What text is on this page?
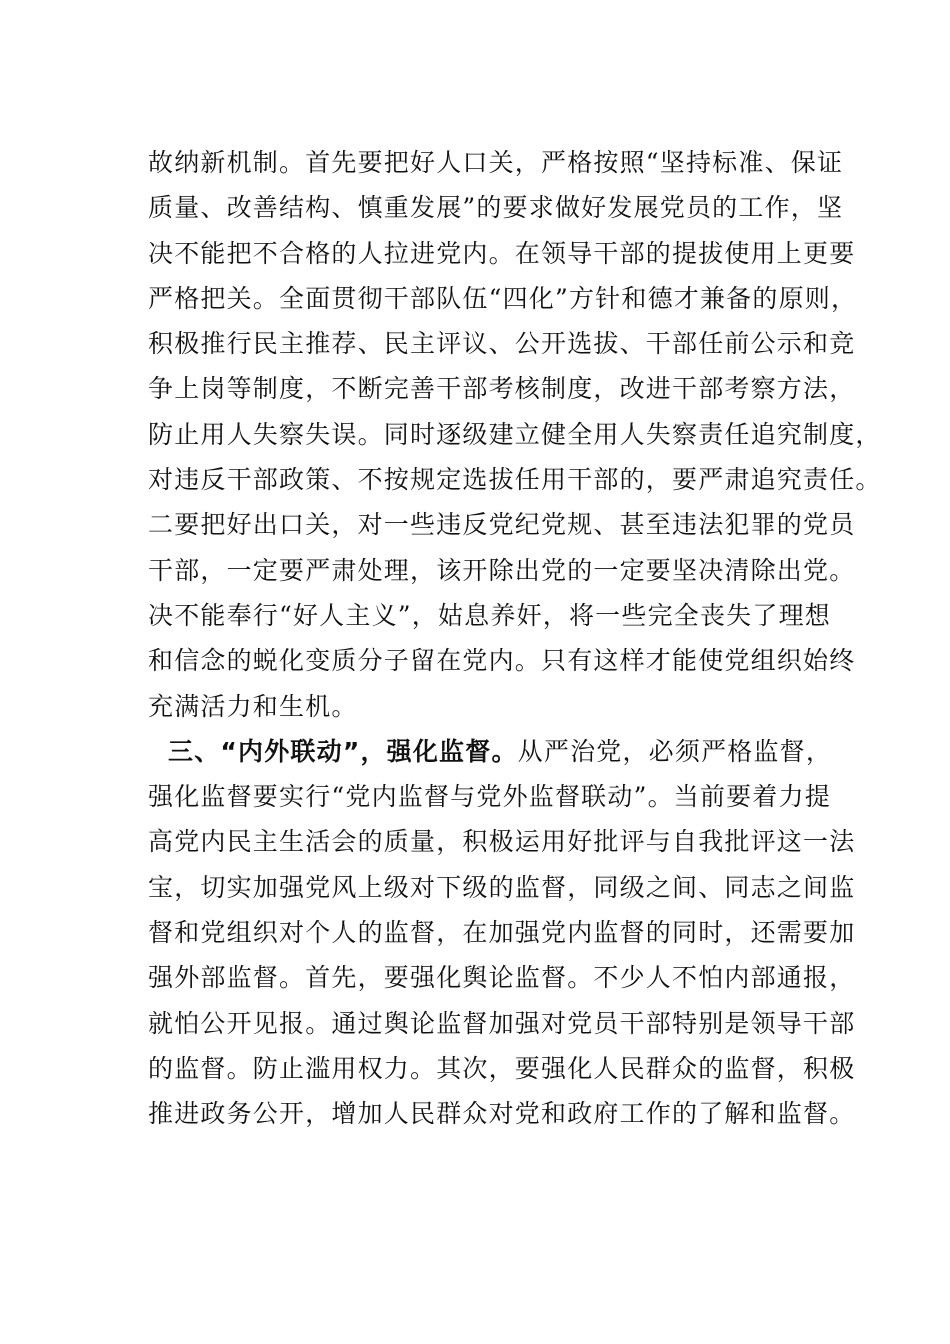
故纳新机制。首先要把好人口关，严格按照“坚持标准、保证
质量、改善结构、慎重发展”的要求做好发展党员的工作，坚
决不能把不合格的人拉进党内。在领导干部的提拔使用上更要
严格把关。全面贯彻干部队伍“四化”方针和德才兼备的原则，
积极推行民主推荐、民主评议、公开选拔、干部任前公示和竞
争上岗等制度，不断完善干部考核制度，改进干部考察方法，
防止用人失察失误。同时逐级建立健全用人失察责任追究制度，
对违反干部政策、不按规定选拔任用干部的，要严肃追究责任。
二要把好出口关，对一些违反党纪党规、甚至违法犯罪的党员
干部，一定要严肃处理，该开除出党的一定要坚决清除出党。
决不能奉行“好人主义”，姑息养奸，将一些完全丧失了理想
和信念的蜕化变质分子留在党内。只有这样才能使党组织始终
充满活力和生机。
三、“内外联动”，强化监督。从严治党，必须严格监督，
强化监督要实行“党内监督与党外监督联动”。当前要着力提
高党内民主生活会的质量，积极运用好批评与自我批评这一法
宝，切实加强党风上级对下级的监督，同级之间、同志之间监
督和党组织对个人的监督，在加强党内监督的同时，还需要加
强外部监督。首先，要强化舆论监督。不少人不怕内部通报，
就怕公开见报。通过舆论监督加强对党员干部特别是领导干部
的监督。防止滥用权力。其次，要强化人民群众的监督，积极
推进政务公开，增加人民群众对党和政府工作的了解和监督。
